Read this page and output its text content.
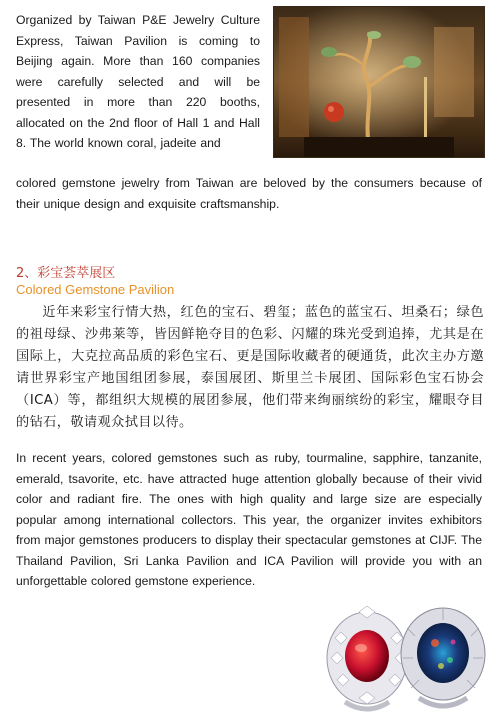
Organized by Taiwan P&E Jewelry Culture Express, Taiwan Pavilion is coming to Beijing again. More than 160 companies were carefully selected and will be presented in more than 220 booths, allocated on the 2nd floor of Hall 1 and Hall 8. The world known coral, jadeite and
colored gemstone jewelry from Taiwan are beloved by the consumers because of their unique design and exquisite craftsmanship.
2、彩宝荟萃展区
Colored Gemstone Pavilion
近年来彩宝行情大热，红色的宝石、碧玺；蓝色的蓝宝石、坦桑石；绿色的祖母绿、沙弗莱等，皆因鲜艳夺目的色彩、闪耀的珠光受到追捧，尤其是在国际上，大克拉高品质的彩色宝石、更是国际收藏者的硬通货，此次主办方邀请世界彩宝产地国组团参展，泰国展团、斯里兰卡展团、国际彩色宝石协会（ICA）等，都组织大规模的展团参展，他们带来绚丽缤纷的彩宝，耀眼夺目的钻石，敬请观众拭目以待。
In recent years, colored gemstones such as ruby, tourmaline, sapphire, tanzanite, emerald, tsavorite, etc. have attracted huge attention globally because of their vivid color and radiant fire. The ones with high quality and large size are especially popular among international collectors. This year, the organizer invites exhibitors from major gemstones producers to display their spectacular gemstones at CIJF. The Thailand Pavilion, Sri Lanka Pavilion and ICA Pavilion will provide you with an unforgettable colored gemstone experience.
